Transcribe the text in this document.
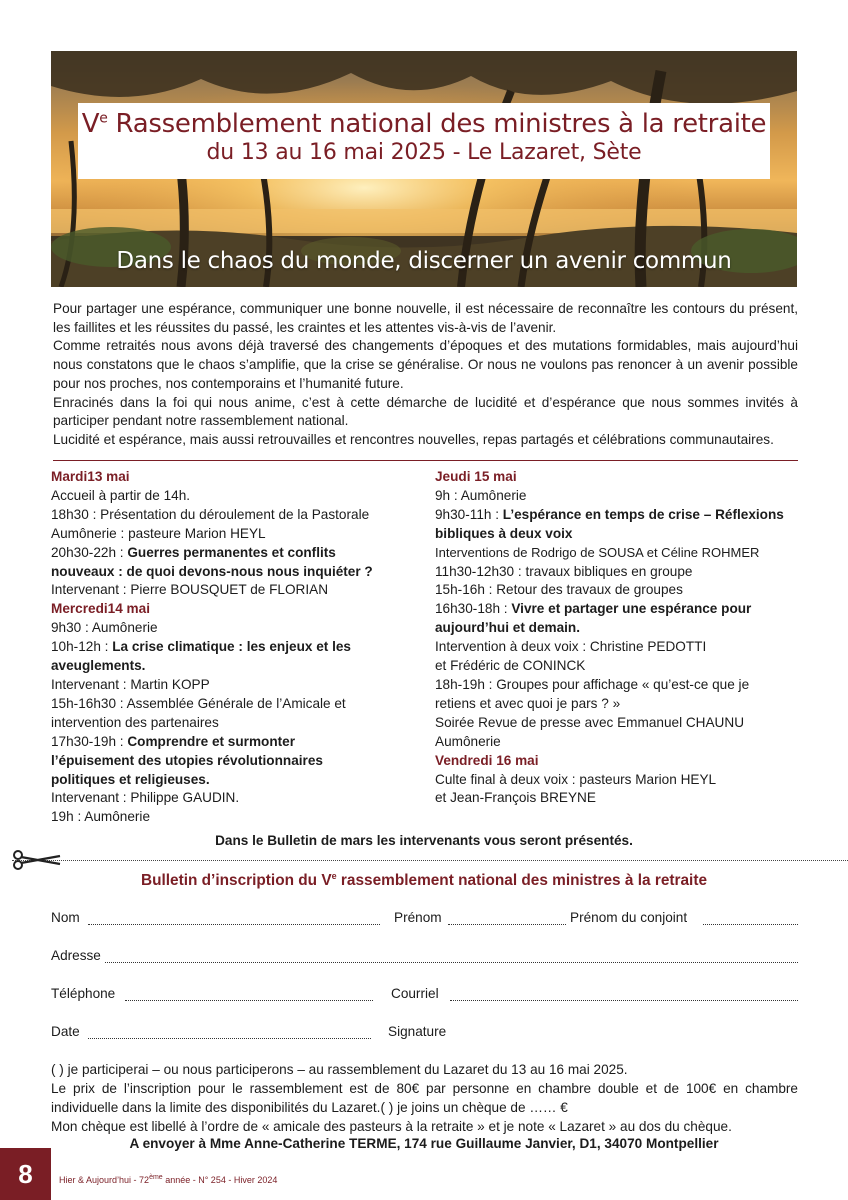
Ve Rassemblement national des ministres à la retraite
du 13 au 16 mai 2025 - Le Lazaret, Sète
Dans le chaos du monde, discerner un avenir commun

Pour partager une espérance, communiquer une bonne nouvelle, il est nécessaire de reconnaître les contours du présent, les faillites et les réussites du passé, les craintes et les attentes vis-à-vis de l’avenir.

Comme retraités nous avons déjà traversé des changements d’époques et des mutations formidables, mais aujourd’hui nous constatons que le chaos s’amplifie, que la crise se généralise. Or nous ne voulons pas renoncer à un avenir possible pour nos proches, nos contemporains et l’humanité future.

Enracinés dans la foi qui nous anime, c’est à cette démarche de lucidité et d’espérance que nous sommes invités à participer pendant notre rassemblement national.

Lucidité et espérance, mais aussi retrouvailles et rencontres nouvelles, repas partagés et célébrations communautaires.

Mardi13 mai
Accueil à partir de 14h.
18h30 : Présentation du déroulement de la Pastorale
Aumônerie : pasteure Marion HEYL
20h30-22h : Guerres permanentes et conflits
nouveaux : de quoi devons-nous nous inquiéter ?
Intervenant : Pierre BOUSQUET de FLORIAN
Mercredi14 mai
9h30 : Aumônerie
10h-12h : La crise climatique : les enjeux et les
aveuglements.
Intervenant : Martin KOPP
15h-16h30 : Assemblée Générale de l’Amicale et
intervention des partenaires
17h30-19h : Comprendre et surmonter
l’épuisement des utopies révolutionnaires
politiques et religieuses.
Intervenant : Philippe GAUDIN.
19h : Aumônerie
Jeudi 15 mai
9h : Aumônerie
9h30-11h : L’espérance en temps de crise – Réflexions
bibliques à deux voix
Interventions de Rodrigo de SOUSA et Céline ROHMER
11h30-12h30 : travaux bibliques en groupe
15h-16h : Retour des travaux de groupes
16h30-18h : Vivre et partager une espérance pour
aujourd’hui et demain.
Intervention à deux voix : Christine PEDOTTI
et Frédéric de CONINCK
18h-19h : Groupes pour affichage « qu’est-ce que je
retiens et avec quoi je pars ? »
Soirée Revue de presse avec Emmanuel CHAUNU
Aumônerie
Vendredi 16 mai
Culte final à deux voix : pasteurs Marion HEYL
et Jean-François BREYNE
Dans le Bulletin de mars les intervenants vous seront présentés.
Bulletin d’inscription du Ve rassemblement national des ministres à la retraite
Nom	Prénom	Prénom du conjoint
Adresse
Téléphone	Courriel
Date	Signature

( ) je participerai – ou nous participerons – au rassemblement du Lazaret du 13 au 16 mai 2025.

Le prix de l’inscription pour le rassemblement est de 80€ par personne en chambre double et de 100€ en chambre individuelle dans la limite des disponibilités du Lazaret.( ) je joins un chèque de …… €

Mon chèque est libellé à l’ordre de « amicale des pasteurs à la retraite » et je note « Lazaret » au dos du chèque.

A envoyer à Mme Anne-Catherine TERME, 174 rue Guillaume Janvier, D1, 34070 Montpellier
8	Hier & Aujourd’hui - 72ème année - N° 254 - Hiver 2024
